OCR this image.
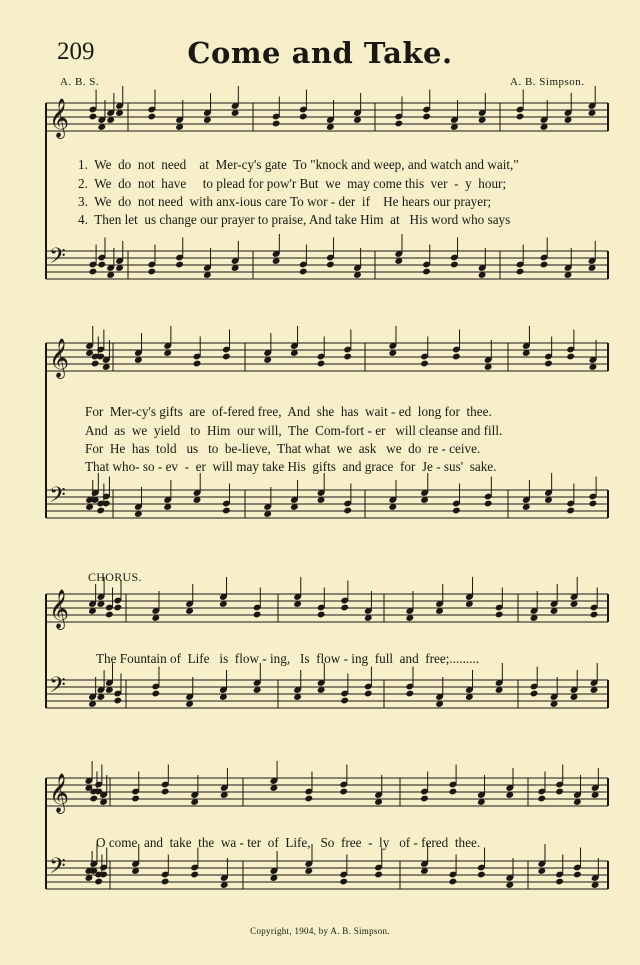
209	Come and Take.
A. B. S.	A. B. Simpson.
𝄞
𝄢
𝄞
𝄢
𝄞
𝄢
𝄞
𝄢
1.  We  do  not  need    at  Mer-cy's gate  To "knock and weep, and watch and wait,"
2.  We  do  not  have     to plead for pow'r But  we  may come this  ver  -  y  hour;
3.  We  do  not need  with anx-ious care To wor - der  if    He hears our prayer;
4.  Then let  us change our prayer to praise, And take Him  at   His word who says
For  Mer-cy's gifts  are  of-fered free,  And  she  has  wait - ed  long for  thee.
And  as  we  yield   to  Him  our will,  The  Com-fort - er   will cleanse and fill.
For  He  has  told   us   to  be-lieve,  That what  we  ask   we  do  re - ceive.
That who- so - ev  -  er  will may take His  gifts  and grace  for  Je - sus'  sake.
CHORUS.
The Fountain of  Life   is  flow - ing,   Is  flow - ing  full  and  free;.........
O come  and  take  the  wa - ter  of  Life,   So  free  -  ly   of - fered  thee.
Copyright, 1904, by A. B. Simpson.
